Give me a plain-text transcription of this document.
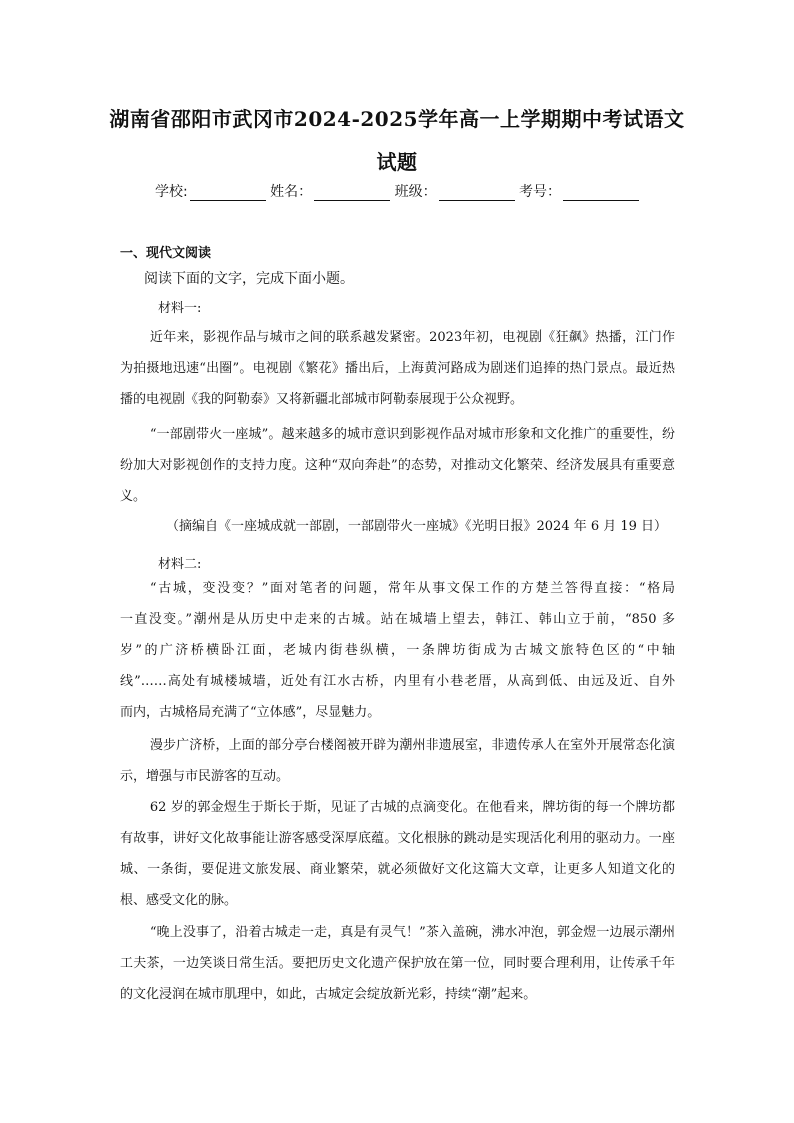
湖南省邵阳市武冈市2024-2025学年高一上学期期中考试语文
试题
学校:	姓名：	班级：	考号：
一、现代文阅读
阅读下面的文字，完成下面小题。
材料一:

近年来，影视作品与城市之间的联系越发紧密。2023年初，电视剧《狂飙》热播，江门作为拍摄地迅速“出圈”。电视剧《繁花》播出后，上海黄河路成为剧迷们追捧的热门景点。最近热播的电视剧《我的阿勒泰》又将新疆北部城市阿勒泰展现于公众视野。

“一部剧带火一座城”。越来越多的城市意识到影视作品对城市形象和文化推广的重要性，纷纷加大对影视创作的支持力度。这种“双向奔赴”的态势，对推动文化繁荣、经济发展具有重要意义。

（摘编自《一座城成就一部剧，一部剧带火一座城》《光明日报》2024 年 6 月 19 日）
材料二:
“古城，变没变？”面对笔者的问题，常年从事文保工作的方楚兰答得直接：“格局
一直没变。”潮州是从历史中走来的古城。站在城墙上望去，韩江、韩山立于前，“850 多
岁”的广济桥横卧江面，老城内街巷纵横，一条牌坊街成为古城文旅特色区的“中轴
线”……高处有城楼城墙，近处有江水古桥，内里有小巷老厝，从高到低、由远及近、自外
而内，古城格局充满了“立体感”，尽显魅力。

漫步广济桥，上面的部分亭台楼阁被开辟为潮州非遗展室，非遗传承人在室外开展常态化演示，增强与市民游客的互动。

62 岁的郭金煜生于斯长于斯，见证了古城的点滴变化。在他看来，牌坊街的每一个牌坊都有故事，讲好文化故事能让游客感受深厚底蕴。文化根脉的跳动是实现活化利用的驱动力。一座城、一条街，要促进文旅发展、商业繁荣，就必须做好文化这篇大文章，让更多人知道文化的根、感受文化的脉。

“晚上没事了，沿着古城走一走，真是有灵气！”茶入盖碗，沸水冲泡，郭金煜一边展示潮州工夫茶，一边笑谈日常生活。要把历史文化遗产保护放在第一位，同时要合理利用，让传承千年的文化浸润在城市肌理中，如此，古城定会绽放新光彩，持续“潮”起来。
